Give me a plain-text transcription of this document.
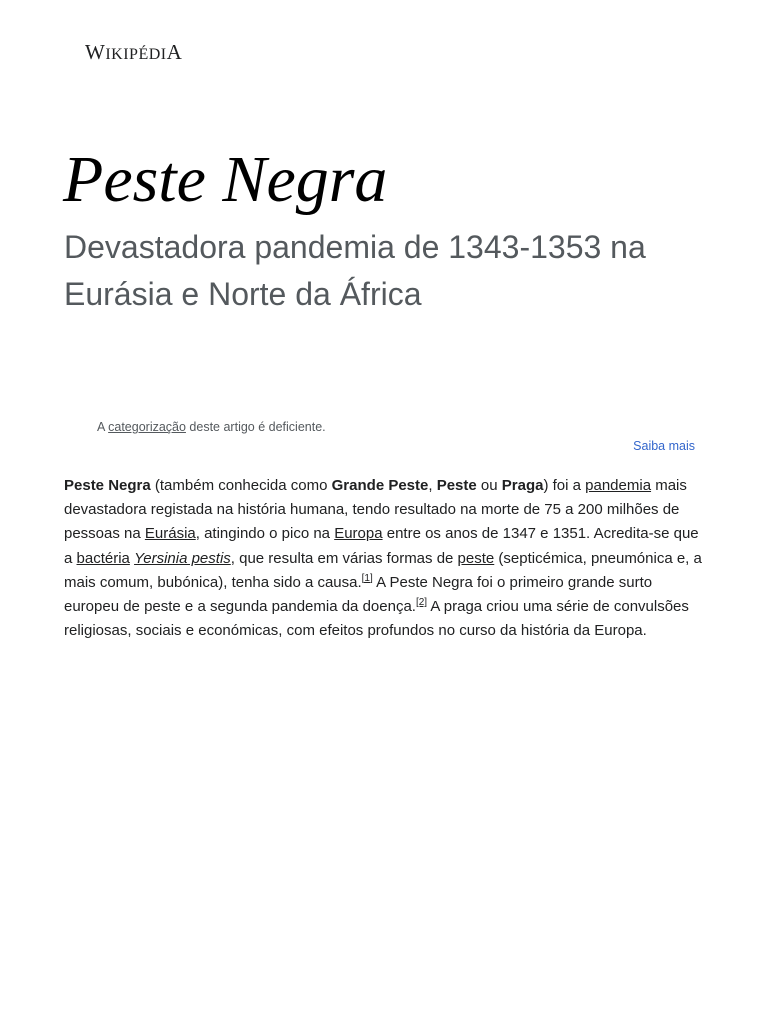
WIKIPÉDIA
Peste Negra

Devastadora pandemia de 1343-1353 na Eurásia e Norte da África

A categorização deste artigo é deficiente.
Saiba mais

Peste Negra (também conhecida como Grande Peste, Peste ou Praga) foi a pandemia mais devastadora registada na história humana, tendo resultado na morte de 75 a 200 milhões de pessoas na Eurásia, atingindo o pico na Europa entre os anos de 1347 e 1351. Acredita-se que a bactéria Yersinia pestis, que resulta em várias formas de peste (septicémica, pneumónica e, a mais comum, bubónica), tenha sido a causa.[1] A Peste Negra foi o primeiro grande surto europeu de peste e a segunda pandemia da doença.[2] A praga criou uma série de convulsões religiosas, sociais e económicas, com efeitos profundos no curso da história da Europa.
